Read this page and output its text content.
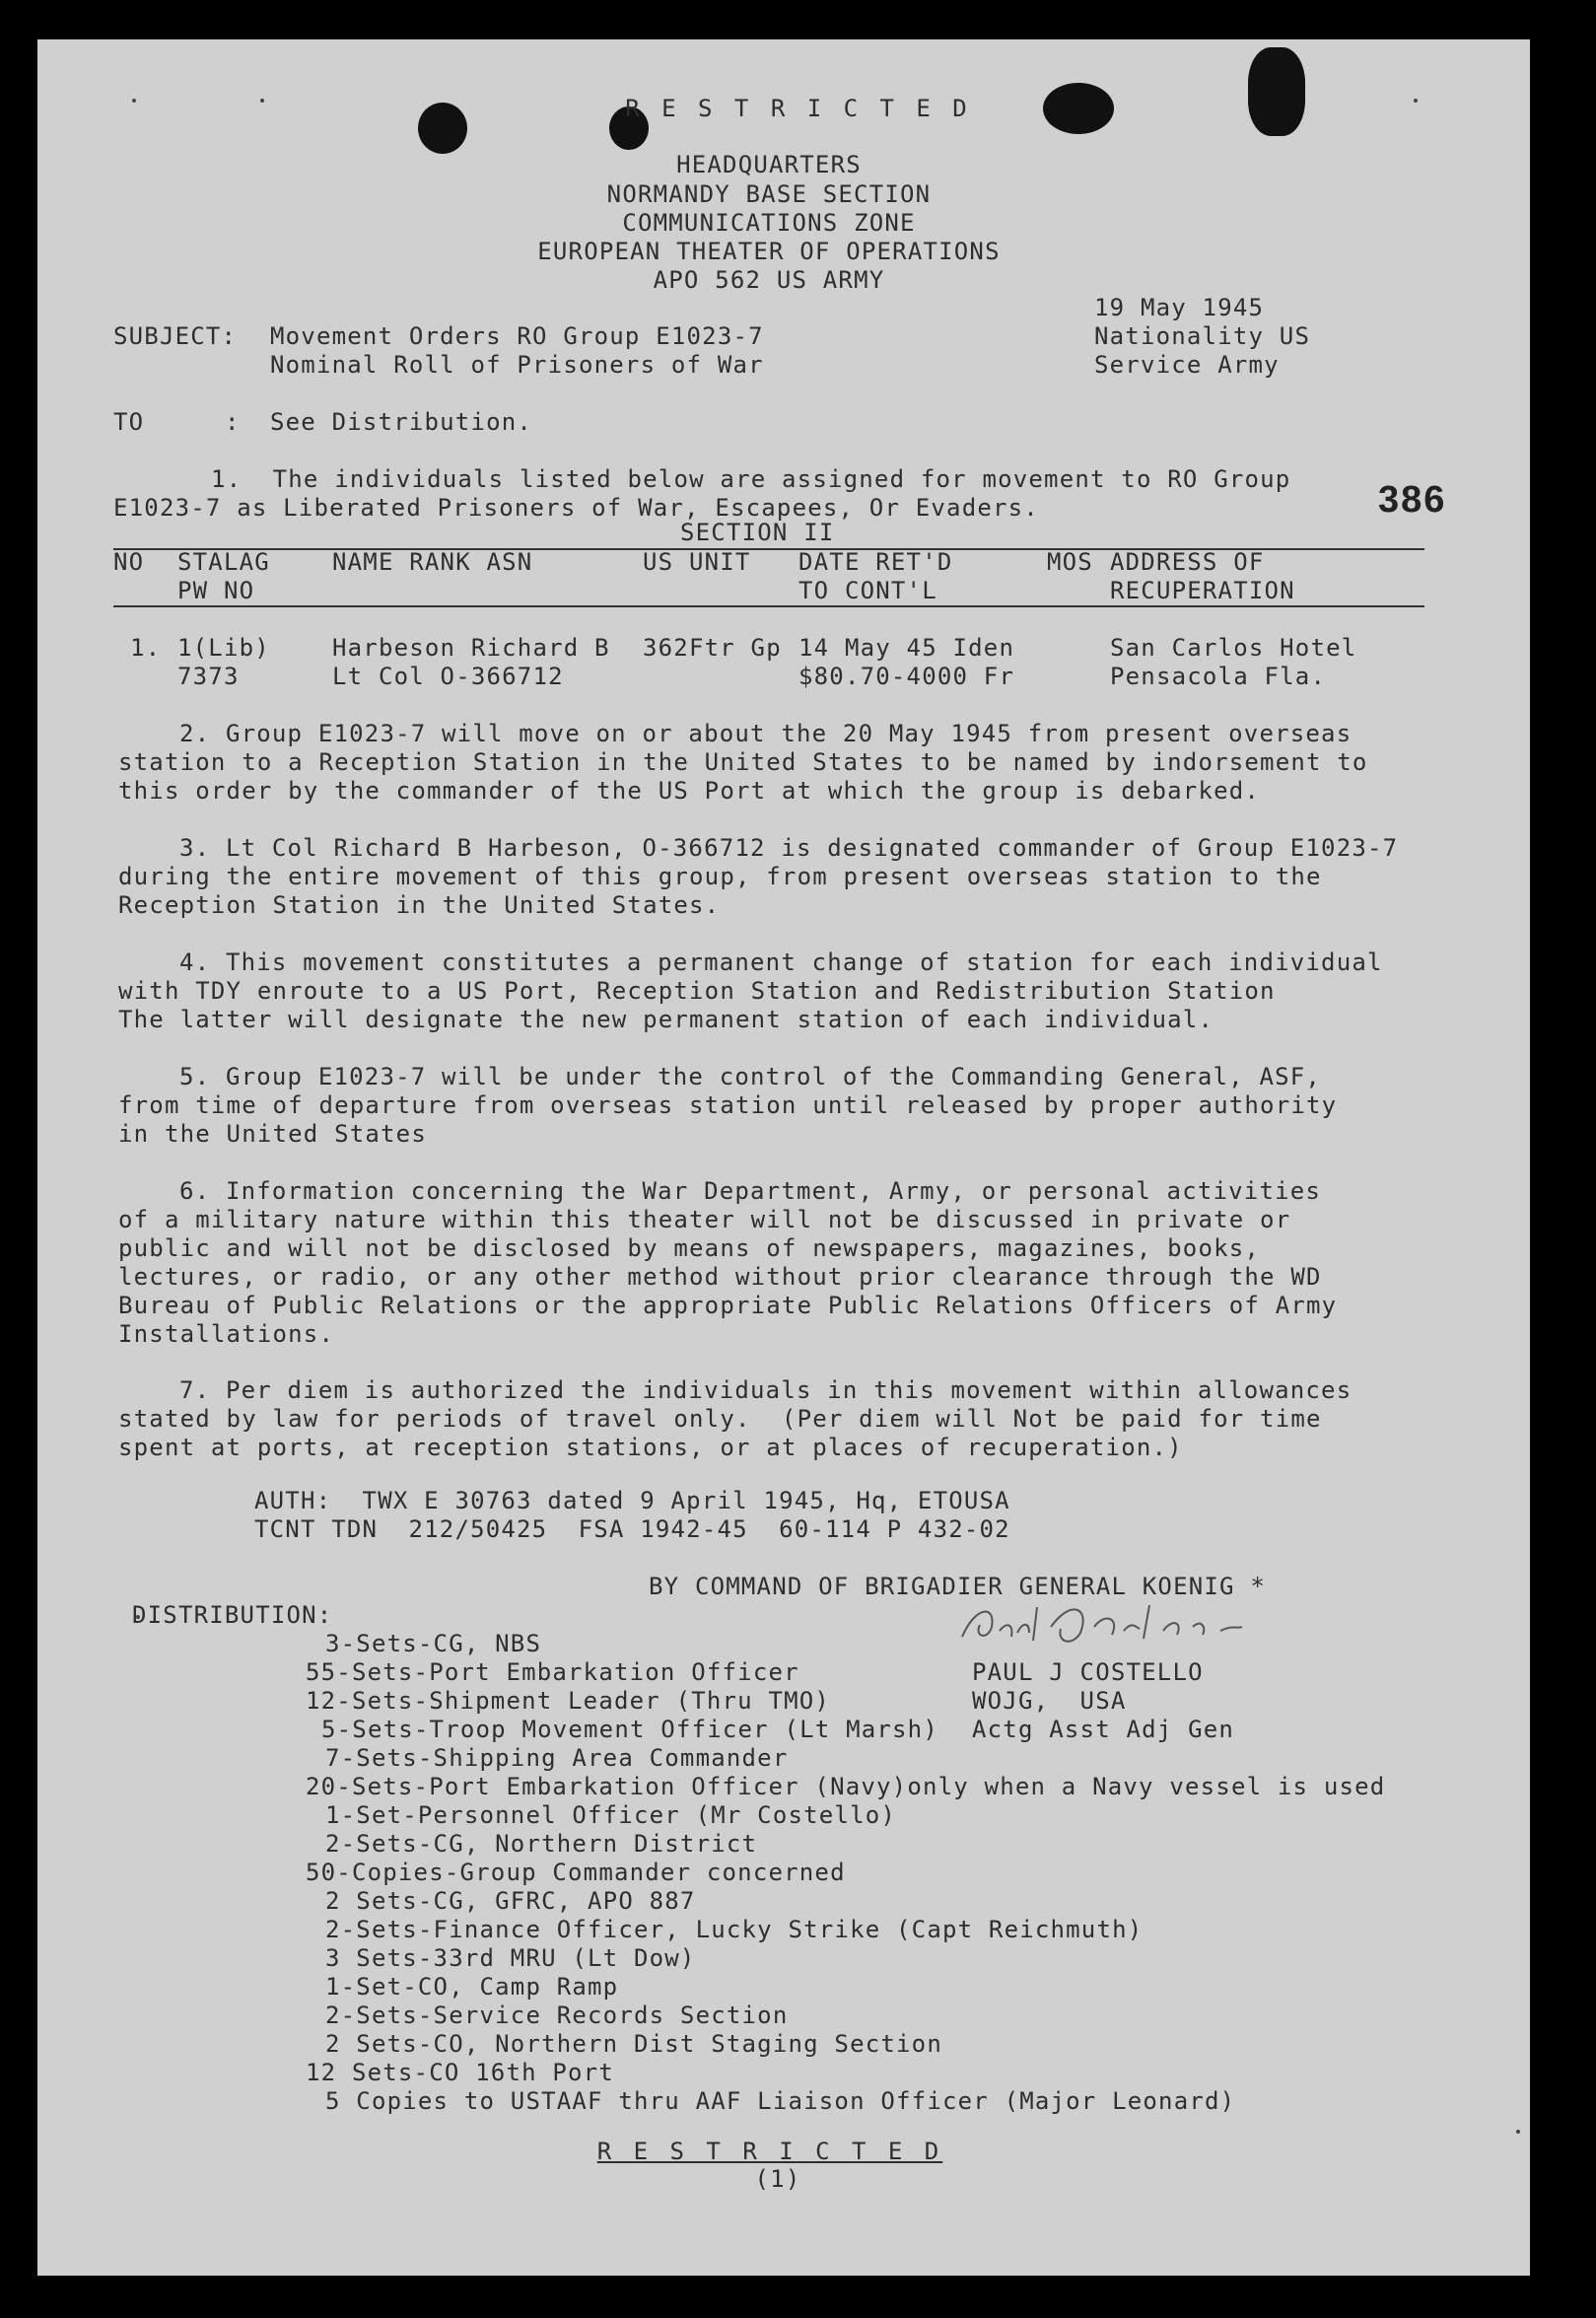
R E S T R I C T E D
HEADQUARTERS
NORMANDY BASE SECTION
COMMUNICATIONS ZONE
EUROPEAN THEATER OF OPERATIONS
APO 562 US ARMY
19 May 1945
Nationality US
Service Army
SUBJECT: Movement Orders RO Group E1023-7
Nominal Roll of Prisoners of War
TO	: See Distribution.
386
1.  The individuals listed below are assigned for movement to RO Group
E1023-7 as Liberated Prisoners of War, Escapees, Or Evaders.
SECTION II
NO STALAG
PW NO
NAME RANK ASN	US UNIT DATE RET'D
TO CONT'L
MOS ADDRESS OF
RECUPERATION
1. 1(Lib)
7373
Harbeson Richard B
Lt Col O-366712
362Ftr Gp 14 May 45 Iden
$80.70-4000 Fr
San Carlos Hotel
Pensacola Fla.
2. Group E1023-7 will move on or about the 20 May 1945 from present overseas
station to a Reception Station in the United States to be named by indorsement to
this order by the commander of the US Port at which the group is debarked.
3. Lt Col Richard B Harbeson, O-366712 is designated commander of Group E1023-7
during the entire movement of this group, from present overseas station to the
Reception Station in the United States.
4. This movement constitutes a permanent change of station for each individual
with TDY enroute to a US Port, Reception Station and Redistribution Station
The latter will designate the new permanent station of each individual.
5. Group E1023-7 will be under the control of the Commanding General, ASF,
from time of departure from overseas station until released by proper authority
in the United States
6. Information concerning the War Department, Army, or personal activities
of a military nature within this theater will not be discussed in private or
public and will not be disclosed by means of newspapers, magazines, books,
lectures, or radio, or any other method without prior clearance through the WD
Bureau of Public Relations or the appropriate Public Relations Officers of Army
Installations.
7. Per diem is authorized the individuals in this movement within allowances
stated by law for periods of travel only.  (Per diem will Not be paid for time
spent at ports, at reception stations, or at places of recuperation.)
AUTH:  TWX E 30763 dated 9 April 1945, Hq, ETOUSA
TCNT TDN  212/50425  FSA 1942-45  60-114 P 432-02
BY COMMAND OF BRIGADIER GENERAL KOENIG *
PAUL J COSTELLO
WOJG,  USA
Actg Asst Adj Gen
DISTRIBUTION:
3-Sets-CG, NBS
55-Sets-Port Embarkation Officer
12-Sets-Shipment Leader (Thru TMO)
5-Sets-Troop Movement Officer (Lt Marsh)
7-Sets-Shipping Area Commander
20-Sets-Port Embarkation Officer (Navy)only when a Navy vessel is used
1-Set-Personnel Officer (Mr Costello)
2-Sets-CG, Northern District
50-Copies-Group Commander concerned
2 Sets-CG, GFRC, APO 887
2-Sets-Finance Officer, Lucky Strike (Capt Reichmuth)
3 Sets-33rd MRU (Lt Dow)
1-Set-CO, Camp Ramp
2-Sets-Service Records Section
2 Sets-CO, Northern Dist Staging Section
12 Sets-CO 16th Port
5 Copies to USTAAF thru AAF Liaison Officer (Major Leonard)
R E S T R I C T E D
(1)
